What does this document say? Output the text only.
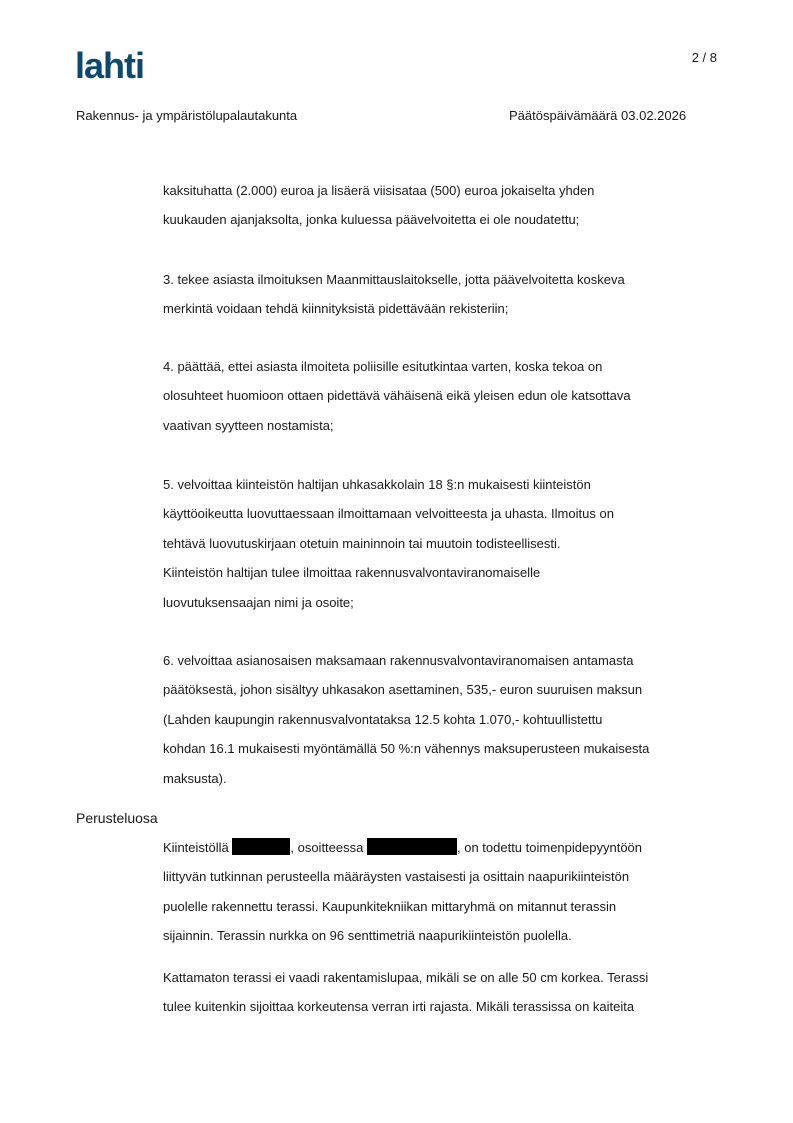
lahti	2 / 8
Rakennus- ja ympäristölupalautakunta	Päätöspäivämäärä 03.02.2026
kaksituhatta (2.000) euroa ja lisäerä viisisataa (500) euroa jokaiselta yhden
kuukauden ajanjaksolta, jonka kuluessa päävelvoitetta ei ole noudatettu;
3. tekee asiasta ilmoituksen Maanmittauslaitokselle, jotta päävelvoitetta koskeva
merkintä voidaan tehdä kiinnityksistä pidettävään rekisteriin;
4. päättää, ettei asiasta ilmoiteta poliisille esitutkintaa varten, koska tekoa on
olosuhteet huomioon ottaen pidettävä vähäisenä eikä yleisen edun ole katsottava
vaativan syytteen nostamista;
5. velvoittaa kiinteistön haltijan uhkasakkolain 18 §:n mukaisesti kiinteistön
käyttöoikeutta luovuttaessaan ilmoittamaan velvoitteesta ja uhasta. Ilmoitus on
tehtävä luovutuskirjaan otetuin maininnoin tai muutoin todisteellisesti.
Kiinteistön haltijan tulee ilmoittaa rakennusvalvontaviranomaiselle
luovutuksensaajan nimi ja osoite;
6. velvoittaa asianosaisen maksamaan rakennusvalvontaviranomaisen antamasta
päätöksestä, johon sisältyy uhkasakon asettaminen, 535,- euron suuruisen maksun
(Lahden kaupungin rakennusvalvontataksa 12.5 kohta 1.070,- kohtuullistettu
kohdan 16.1 mukaisesti myöntämällä 50 %:n vähennys maksuperusteen mukaisesta
maksusta).
Perusteluosa
Kiinteistöllä	, osoitteessa	, on todettu toimenpidepyyntöön
liittyvän tutkinnan perusteella määräysten vastaisesti ja osittain naapurikiinteistön
puolelle rakennettu terassi. Kaupunkitekniikan mittaryhmä on mitannut terassin
sijainnin. Terassin nurkka on 96 senttimetriä naapurikiinteistön puolella.
Kattamaton terassi ei vaadi rakentamislupaa, mikäli se on alle 50 cm korkea. Terassi
tulee kuitenkin sijoittaa korkeutensa verran irti rajasta. Mikäli terassissa on kaiteita
